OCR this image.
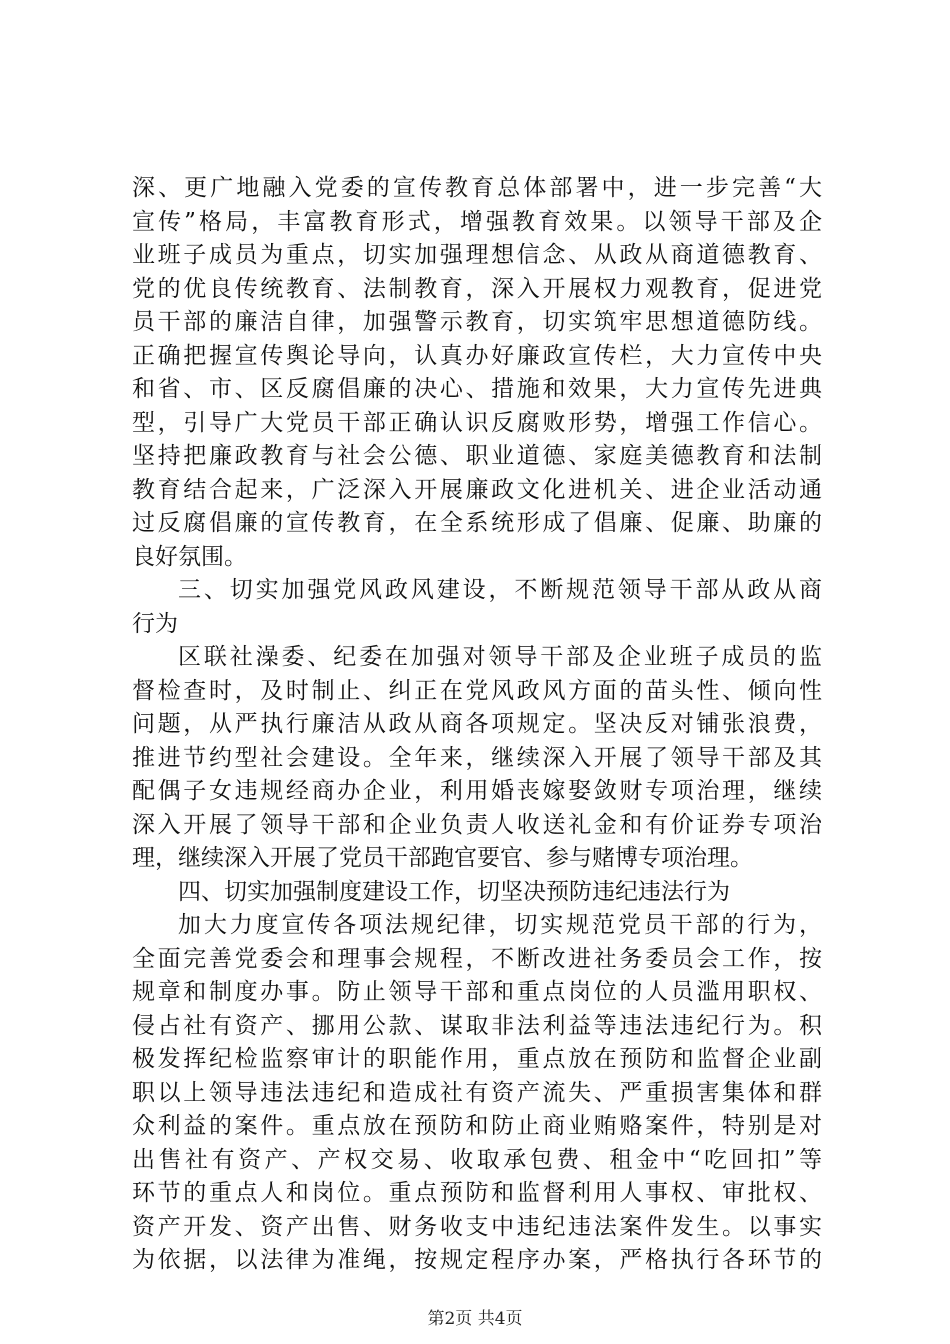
深、更广地融入党委的宣传教育总体部署中，进一步完善“大
宣传”格局，丰富教育形式，增强教育效果。以领导干部及企
业班子成员为重点，切实加强理想信念、从政从商道德教育、
党的优良传统教育、法制教育，深入开展权力观教育，促进党
员干部的廉洁自律，加强警示教育，切实筑牢思想道德防线。
正确把握宣传舆论导向，认真办好廉政宣传栏，大力宣传中央
和省、市、区反腐倡廉的决心、措施和效果，大力宣传先进典
型，引导广大党员干部正确认识反腐败形势，增强工作信心。
坚持把廉政教育与社会公德、职业道德、家庭美德教育和法制
教育结合起来，广泛深入开展廉政文化进机关、进企业活动通
过反腐倡廉的宣传教育，在全系统形成了倡廉、促廉、助廉的
良好氛围。
三、切实加强党风政风建设，不断规范领导干部从政从商
行为
区联社澡委、纪委在加强对领导干部及企业班子成员的监
督检查时，及时制止、纠正在党风政风方面的苗头性、倾向性
问题，从严执行廉洁从政从商各项规定。坚决反对铺张浪费，
推进节约型社会建设。全年来，继续深入开展了领导干部及其
配偶子女违规经商办企业，利用婚丧嫁娶敛财专项治理，继续
深入开展了领导干部和企业负责人收送礼金和有价证券专项治
理，继续深入开展了党员干部跑官要官、参与赌博专项治理。
四、切实加强制度建设工作，切坚决预防违纪违法行为
加大力度宣传各项法规纪律，切实规范党员干部的行为，
全面完善党委会和理事会规程，不断改进社务委员会工作，按
规章和制度办事。防止领导干部和重点岗位的人员滥用职权、
侵占社有资产、挪用公款、谋取非法利益等违法违纪行为。积
极发挥纪检监察审计的职能作用，重点放在预防和监督企业副
职以上领导违法违纪和造成社有资产流失、严重损害集体和群
众利益的案件。重点放在预防和防止商业贿赂案件，特别是对
出售社有资产、产权交易、收取承包费、租金中“吃回扣”等
环节的重点人和岗位。重点预防和监督利用人事权、审批权、
资产开发、资产出售、财务收支中违纪违法案件发生。以事实
为依据，以法律为准绳，按规定程序办案，严格执行各环节的
第2页 共4页
